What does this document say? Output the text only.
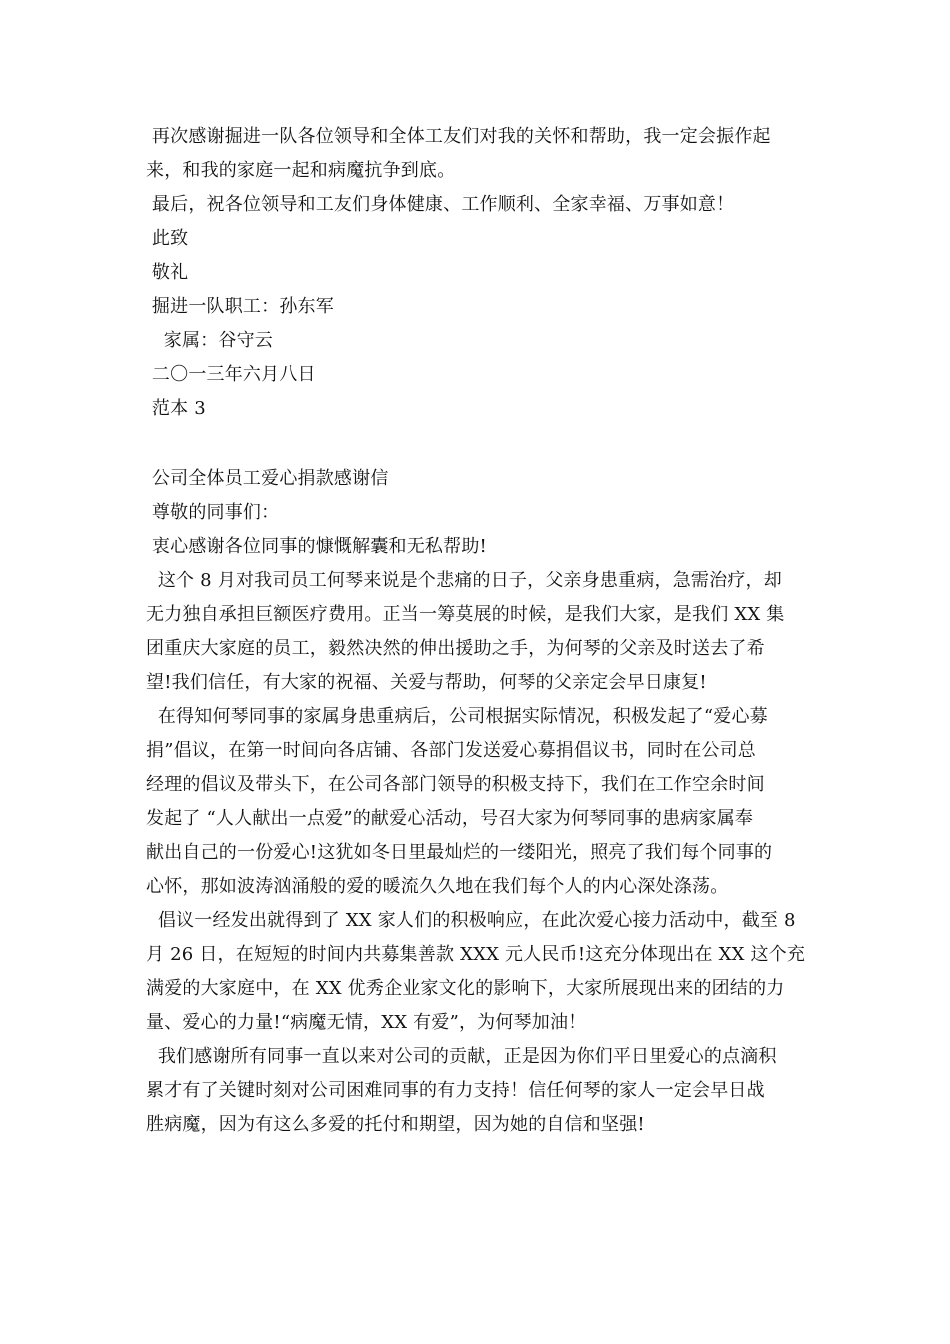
再次感谢掘进一队各位领导和全体工友们对我的关怀和帮助，我一定会振作起
来，和我的家庭一起和病魔抗争到底。
最后，祝各位领导和工友们身体健康、工作顺利、全家幸福、万事如意！
此致
敬礼
掘进一队职工：孙东军
家属：谷守云
二〇一三年六月八日
范本 3
公司全体员工爱心捐款感谢信
尊敬的同事们：
衷心感谢各位同事的慷慨解囊和无私帮助!
这个 8 月对我司员工何琴来说是个悲痛的日子，父亲身患重病，急需治疗，却
无力独自承担巨额医疗费用。正当一筹莫展的时候，是我们大家，是我们 XX 集
团重庆大家庭的员工，毅然决然的伸出援助之手，为何琴的父亲及时送去了希
望!我们信任，有大家的祝福、关爱与帮助，何琴的父亲定会早日康复!
在得知何琴同事的家属身患重病后，公司根据实际情况，积极发起了“爱心募
捐”倡议，在第一时间向各店铺、各部门发送爱心募捐倡议书，同时在公司总
经理的倡议及带头下，在公司各部门领导的积极支持下，我们在工作空余时间
发起了 “人人献出一点爱”的献爱心活动，号召大家为何琴同事的患病家属奉
献出自己的一份爱心!这犹如冬日里最灿烂的一缕阳光，照亮了我们每个同事的
心怀，那如波涛汹涌般的爱的暖流久久地在我们每个人的内心深处涤荡。
倡议一经发出就得到了 XX 家人们的积极响应，在此次爱心接力活动中，截至 8
月 26 日，在短短的时间内共募集善款 XXX 元人民币!这充分体现出在 XX 这个充
满爱的大家庭中，在 XX 优秀企业家文化的影响下，大家所展现出来的团结的力
量、爱心的力量!“病魔无情，XX 有爱”，为何琴加油！
我们感谢所有同事一直以来对公司的贡献，正是因为你们平日里爱心的点滴积
累才有了关键时刻对公司困难同事的有力支持！信任何琴的家人一定会早日战
胜病魔，因为有这么多爱的托付和期望，因为她的自信和坚强!
